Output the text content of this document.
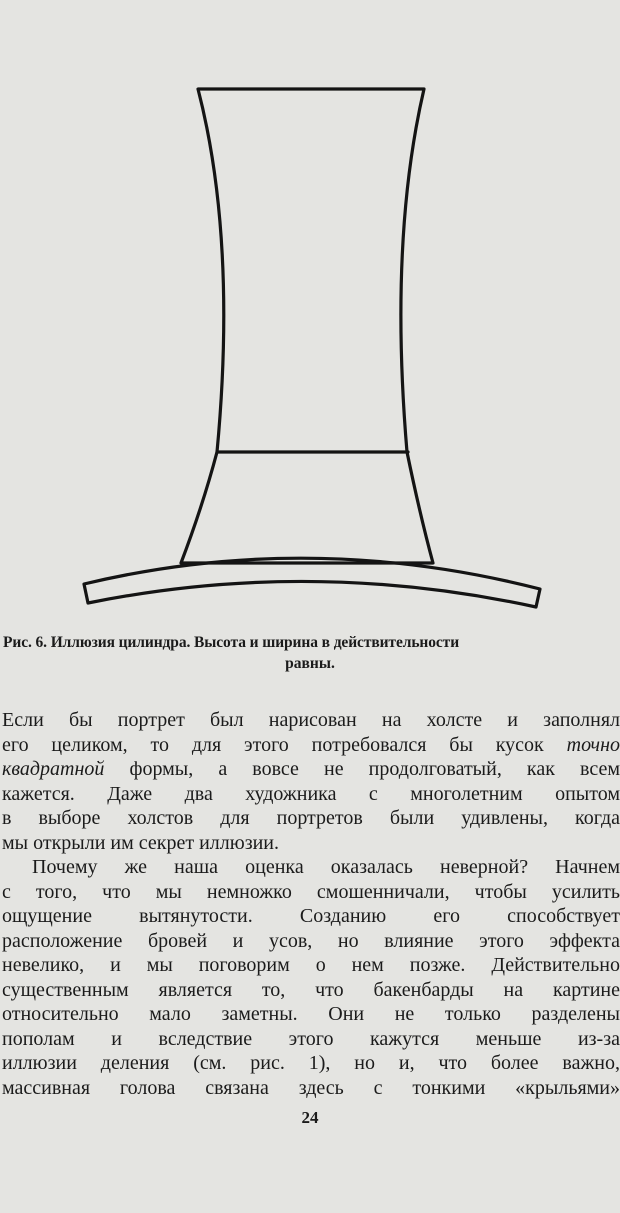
Рис. 6. Иллюзия цилиндра. Высота и ширина в действительности
равны.
Если бы портрет был нарисован на холсте и заполнял
его целиком, то для этого потребовался бы кусок точно
квадратной формы, а вовсе не продолговатый, как всем
кажется. Даже два художника с многолетним опытом
в выборе холстов для портретов были удивлены, когда
мы открыли им секрет иллюзии.
Почему же наша оценка оказалась неверной? Начнем
с того, что мы немножко смошенничали, чтобы усилить
ощущение вытянутости. Созданию его способствует
расположение бровей и усов, но влияние этого эффекта
невелико, и мы поговорим о нем позже. Действительно
существенным является то, что бакенбарды на картине
относительно мало заметны. Они не только разделены
пополам и вследствие этого кажутся меньше из-за
иллюзии деления (см. рис. 1), но и, что более важно,
массивная голова связана здесь с тонкими «крыльями»
24
